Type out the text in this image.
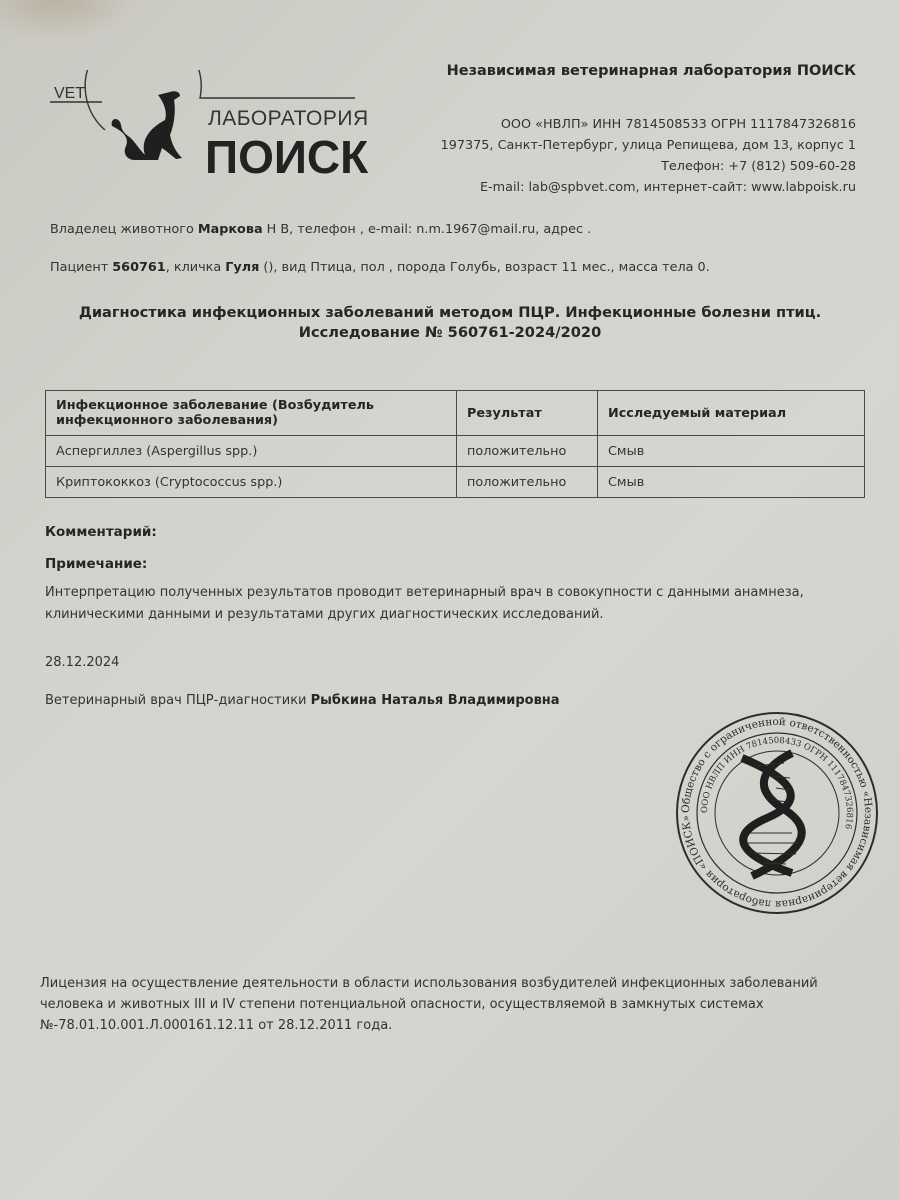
VET
ЛАБОРАТОРИЯ
ПОИСК
Независимая ветеринарная лаборатория ПОИСК
ООО «НВЛП» ИНН 7814508533 ОГРН 1117847326816
197375, Санкт-Петербург, улица Репищева, дом 13, корпус 1
Телефон: +7 (812) 509-60-28
E-mail: lab@spbvet.com, интернет-сайт: www.labpoisk.ru
Владелец животного Маркова Н В, телефон , e-mail: n.m.1967@mail.ru, адрес .
Пациент 560761, кличка Гуля (), вид Птица, пол , порода Голубь, возраст 11 мес., масса тела 0.
Диагностика инфекционных заболеваний методом ПЦР. Инфекционные болезни птиц.
Исследование № 560761-2024/2020
Инфекционное заболевание (Возбудитель инфекционного заболевания)	Результат	Исследуемый материал
Аспергиллез (Aspergillus spp.)	положительно	Смыв
Криптококкоз (Cryptococcus spp.)	положительно	Смыв
Комментарий:
Примечание:
Интерпретацию полученных результатов проводит ветеринарный врач в совокупности с данными анамнеза, клиническими данными и результатами других диагностических исследований.
28.12.2024
Ветеринарный врач ПЦР-диагностики Рыбкина Наталья Владимировна
Общество с ограниченной ответственностью «Независимая ветеринарная лаборатория «ПОИСК»
ООО НВЛП ИНН 7814508433 ОГРН 1117847326816
Лицензия на осуществление деятельности в области использования возбудителей инфекционных заболеваний человека и животных III и IV степени потенциальной опасности, осуществляемой в замкнутых системах №-78.01.10.001.Л.000161.12.11 от 28.12.2011 года.
